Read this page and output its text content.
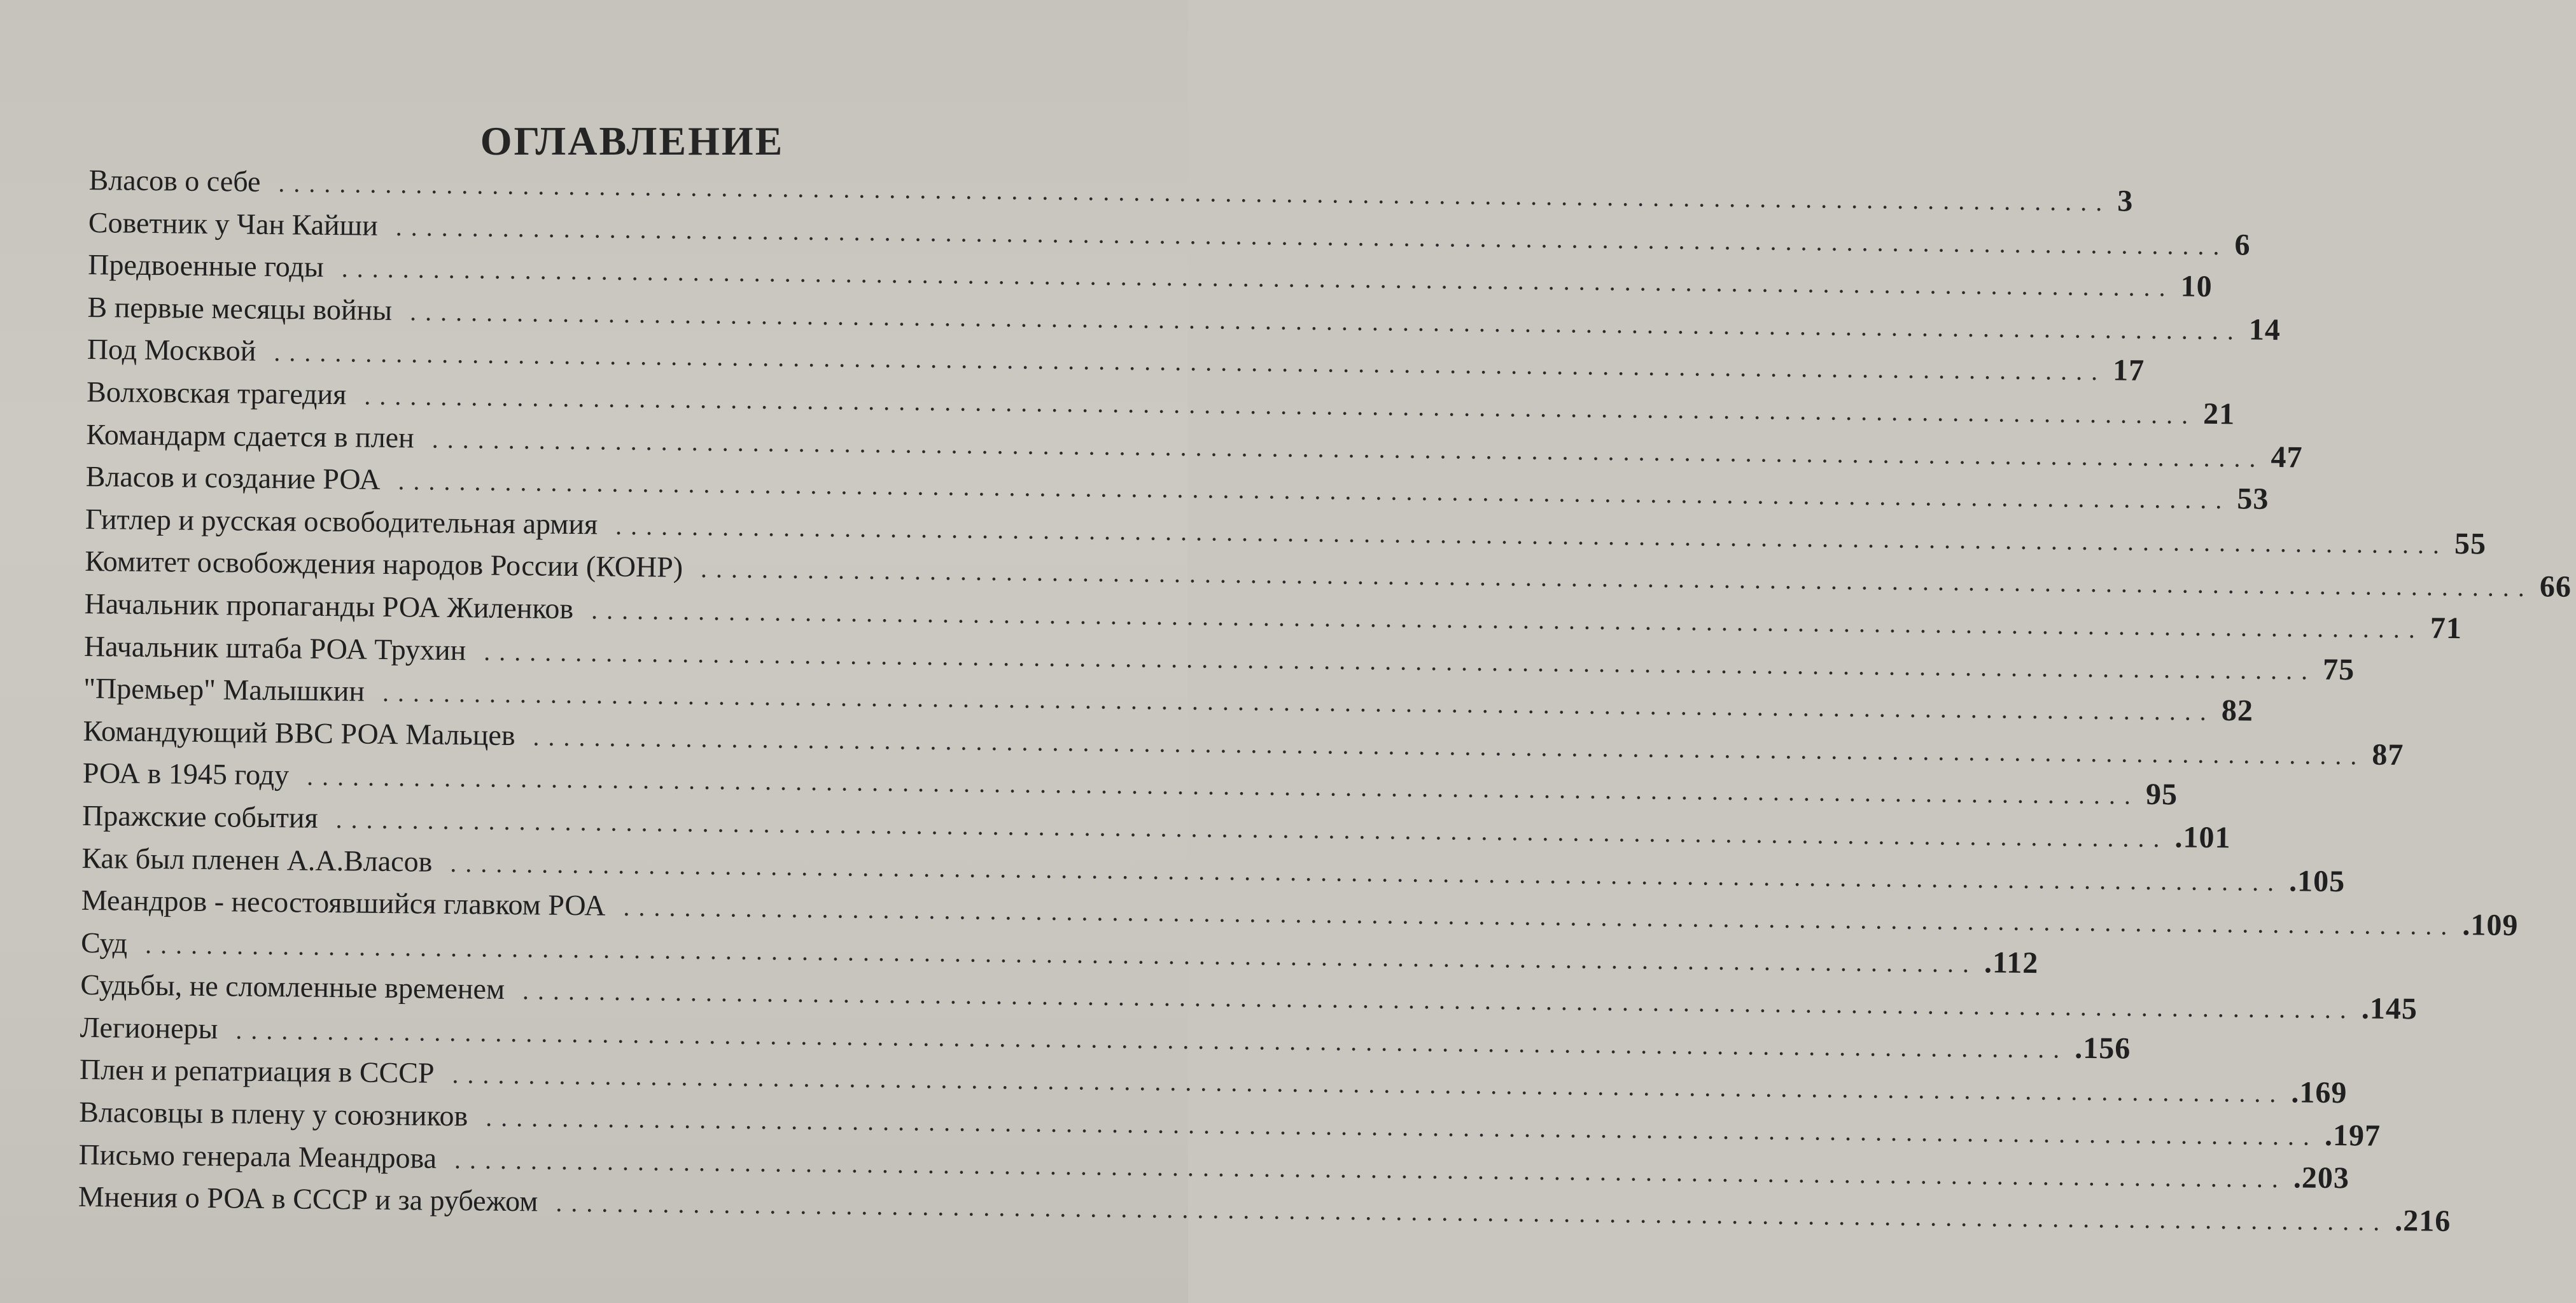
ОГЛАВЛЕНИЕ
Власов о себе ........................................................................................................................ 3
Советник у Чан Кайши ........................................................................................................................ 6
Предвоенные годы ........................................................................................................................ 10
В первые месяцы войны ........................................................................................................................ 14
Под Москвой ........................................................................................................................ 17
Волховская трагедия ........................................................................................................................ 21
Командарм сдается в плен ........................................................................................................................ 47
Власов и создание РОА ........................................................................................................................ 53
Гитлер и русская освободительная армия ........................................................................................................................ 55
Комитет освобождения народов России (КОНР) ........................................................................................................................ 66
Начальник пропаганды РОА Жиленков ........................................................................................................................ 71
Начальник штаба РОА Трухин ........................................................................................................................ 75
"Премьер" Малышкин ........................................................................................................................ 82
Командующий ВВС РОА Мальцев ........................................................................................................................ 87
РОА в 1945 году ........................................................................................................................ 95
Пражские события ........................................................................................................................ .101
Как был пленен А.А.Власов ........................................................................................................................ .105
Меандров - несостоявшийся главком РОА ........................................................................................................................ .109
Суд ........................................................................................................................ .112
Судьбы, не сломленные временем ........................................................................................................................ .145
Легионеры ........................................................................................................................ .156
Плен и репатриация в СССР ........................................................................................................................ .169
Власовцы в плену у союзников ........................................................................................................................ .197
Письмо генерала Меандрова ........................................................................................................................ .203
Мнения о РОА в СССР и за рубежом ........................................................................................................................ .216
